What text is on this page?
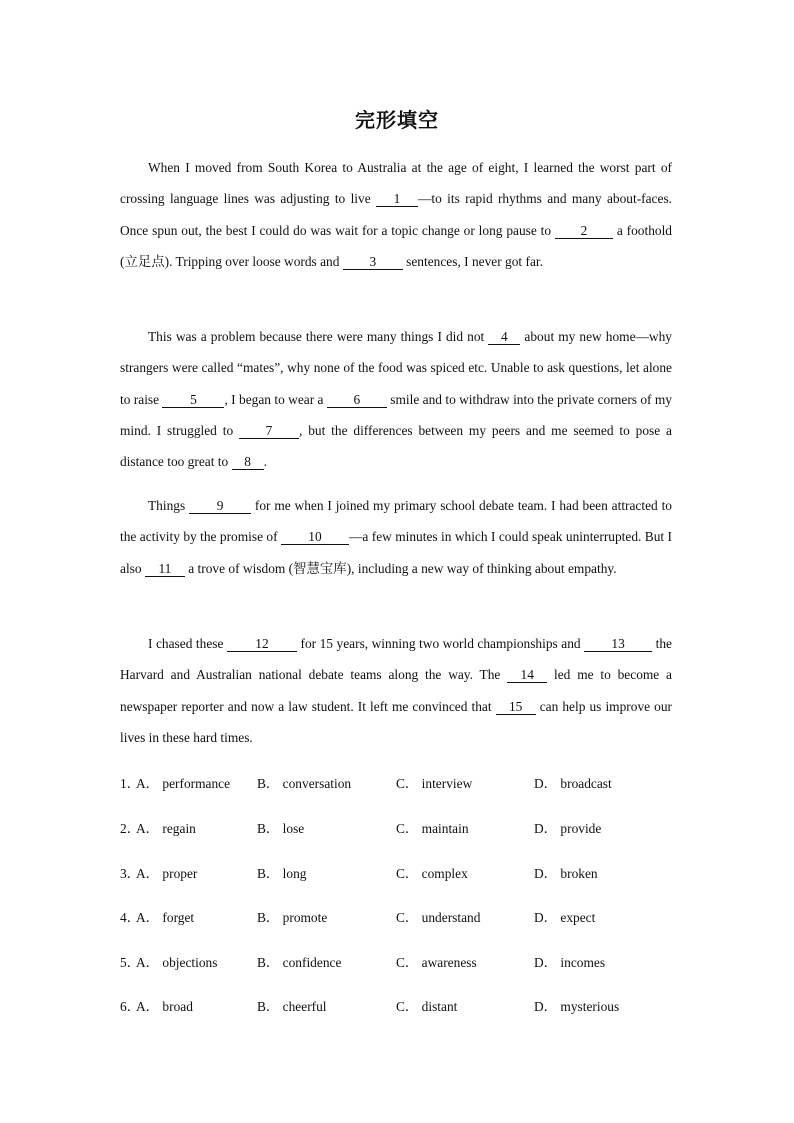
完形填空
When I moved from South Korea to Australia at the age of eight, I learned the worst part of crossing language lines was adjusting to live 1 —to its rapid rhythms and many about-faces. Once spun out, the best I could do was wait for a topic change or long pause to 2 a foothold (立足点). Tripping over loose words and 3 sentences, I never got far.
This was a problem because there were many things I did not 4 about my new home—why strangers were called “mates”, why none of the food was spiced etc. Unable to ask questions, let alone to raise 5 , I began to wear a 6 smile and to withdraw into the private corners of my mind. I struggled to 7 , but the differences between my peers and me seemed to pose a distance too great to 8 .
Things 9 for me when I joined my primary school debate team. I had been attracted to the activity by the promise of 10 —a few minutes in which I could speak uninterrupted. But I also 11 a trove of wisdom (智慧宝库), including a new way of thinking about empathy.
I chased these 12 for 15 years, winning two world championships and 13 the Harvard and Australian national debate teams along the way. The 14 led me to become a newspaper reporter and now a law student. It left me convinced that 15 can help us improve our lives in these hard times.
1．
A． performance B． conversation	C． interview	D． broadcast
2．
A． regain	B． lose	C． maintain	D． provide
3．
A． proper	B． long	C． complex	D． broken
4．
A． forget	B． promote	C． understand	D． expect
5．
A． objections	B． confidence	C． awareness	D． incomes
6．
A． broad	B． cheerful	C． distant	D． mysterious
